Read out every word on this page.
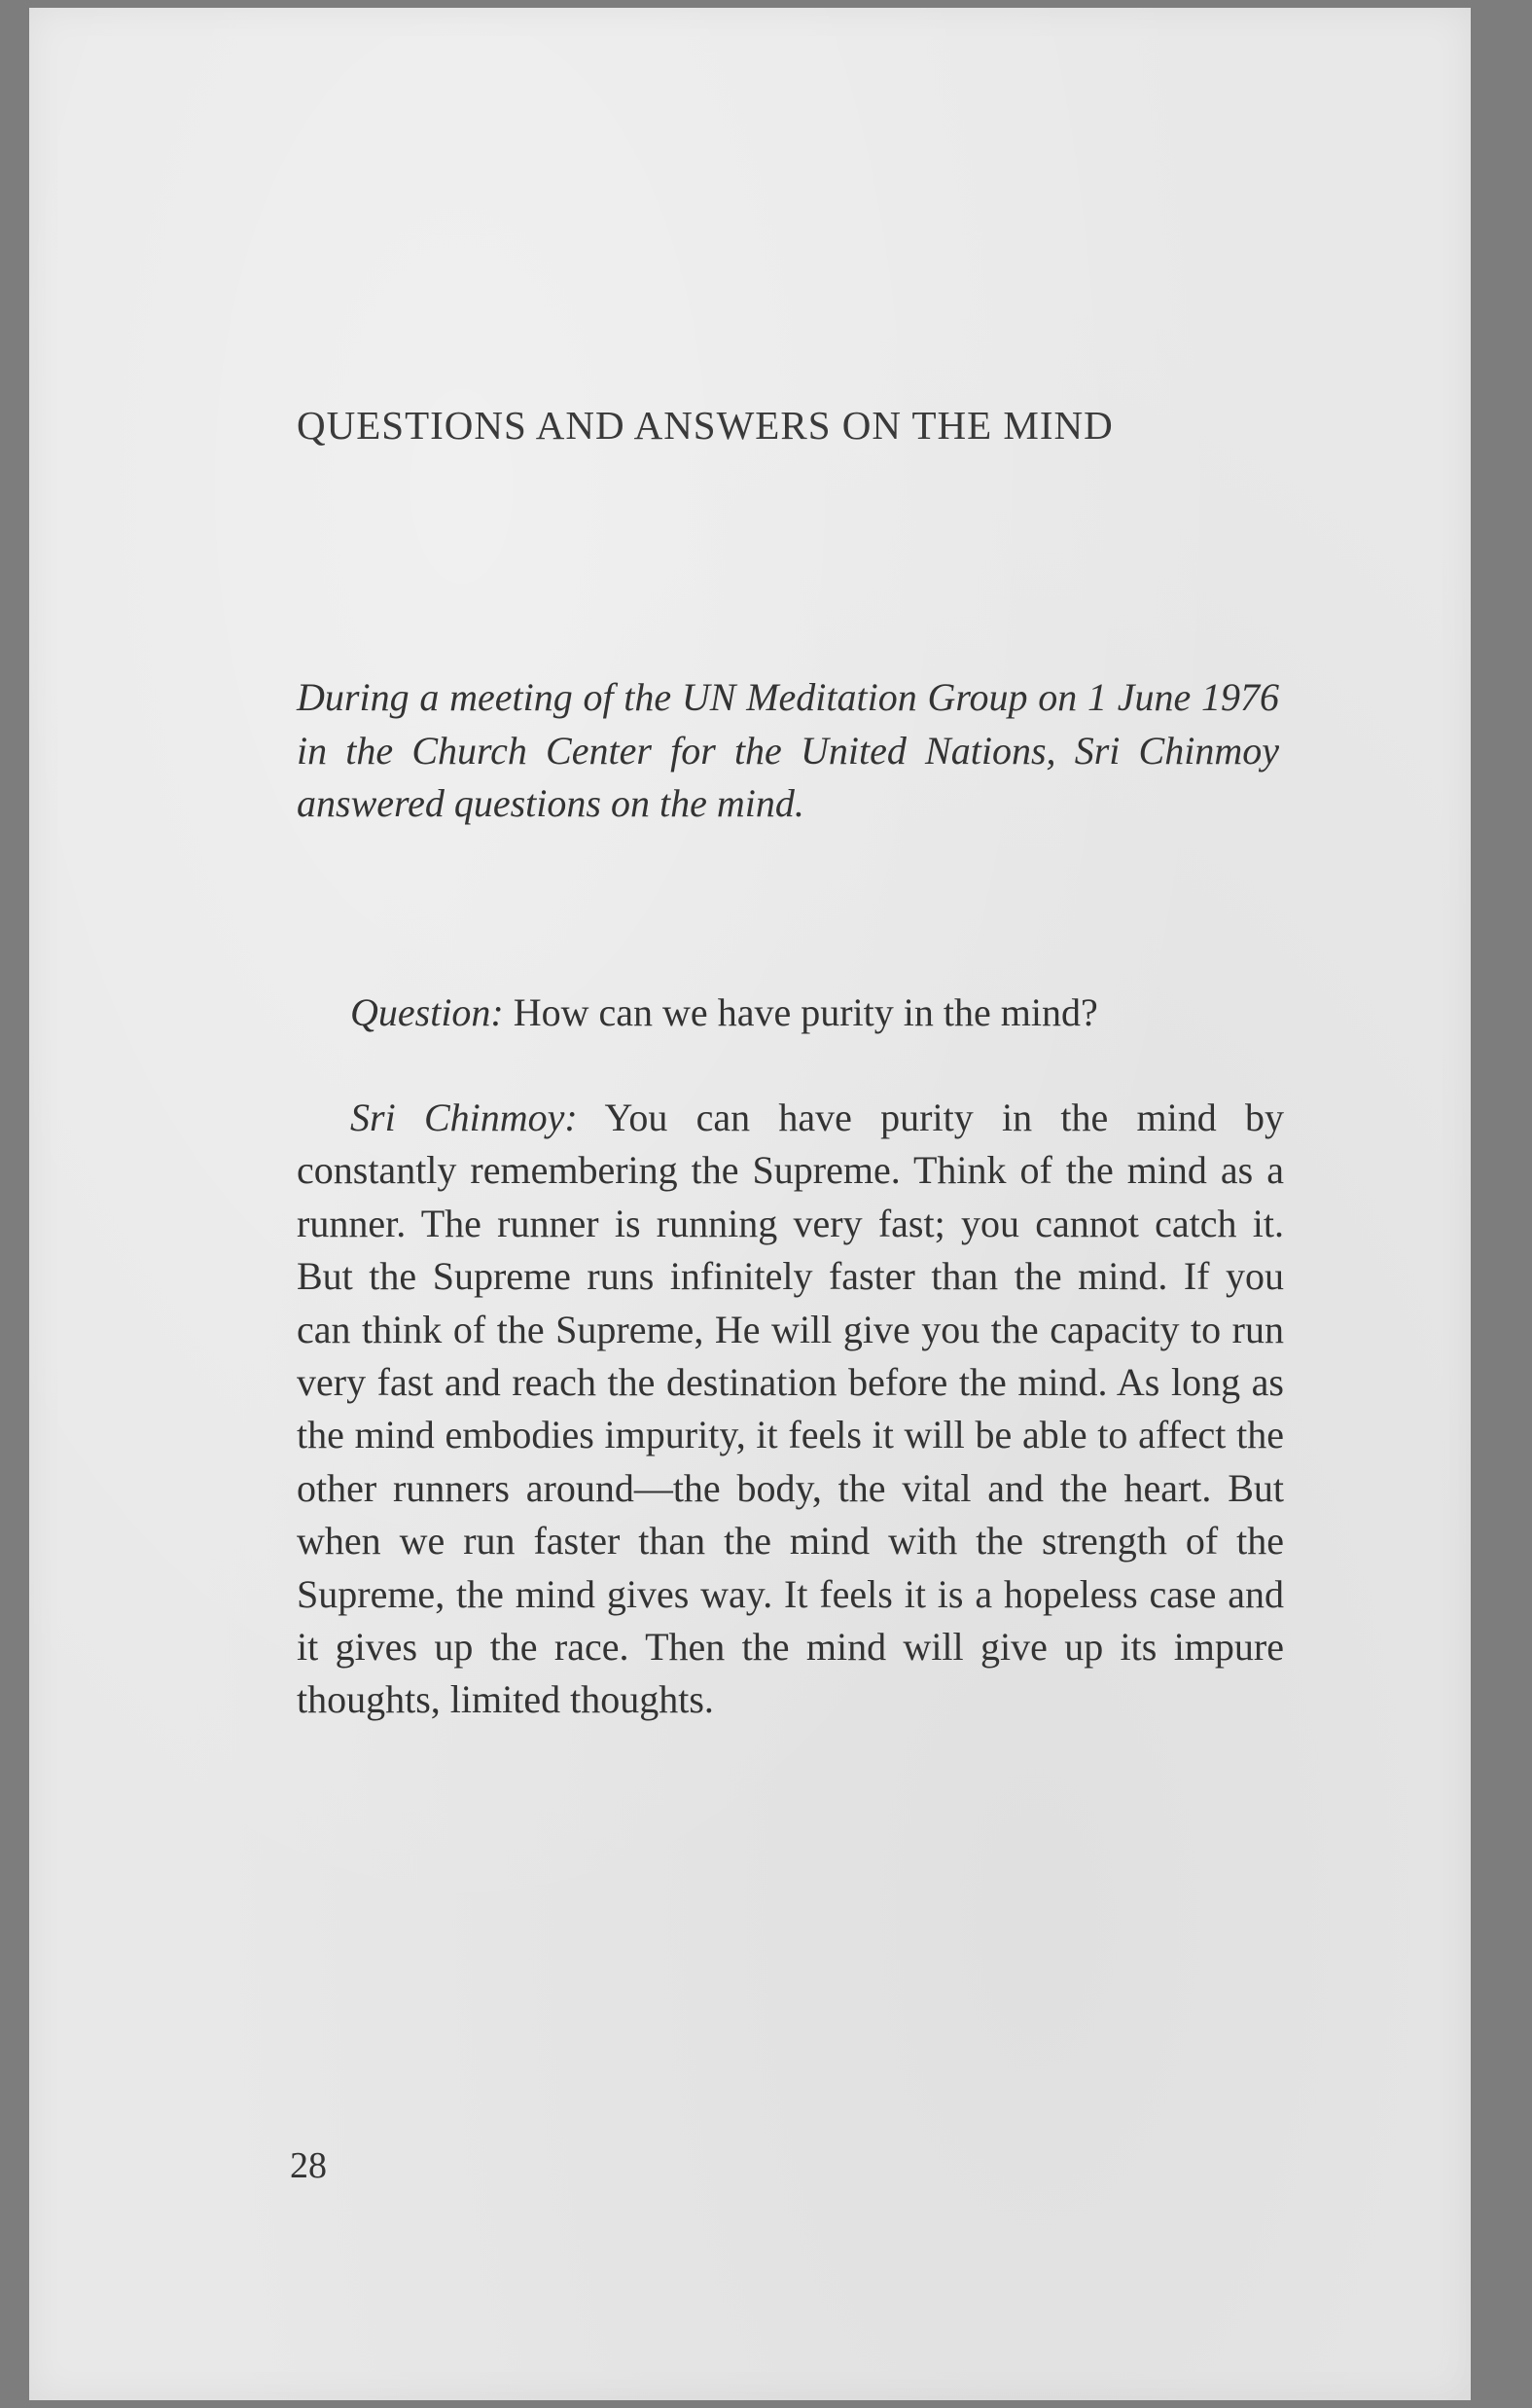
QUESTIONS AND ANSWERS ON THE MIND

During a meeting of the UN Meditation Group on 1 June 1976 in the Church Center for the United Nations, Sri Chinmoy answered questions on the mind.

Question: How can we have purity in the mind?

Sri Chinmoy: You can have purity in the mind by constantly remembering the Supreme. Think of the mind as a runner. The runner is running very fast; you cannot catch it. But the Supreme runs infinitely faster than the mind. If you can think of the Supreme, He will give you the capacity to run very fast and reach the destination before the mind. As long as the mind embodies impurity, it feels it will be able to affect the other runners around—the body, the vital and the heart. But when we run faster than the mind with the strength of the Supreme, the mind gives way. It feels it is a hopeless case and it gives up the race. Then the mind will give up its impure thoughts, limited thoughts.

28
